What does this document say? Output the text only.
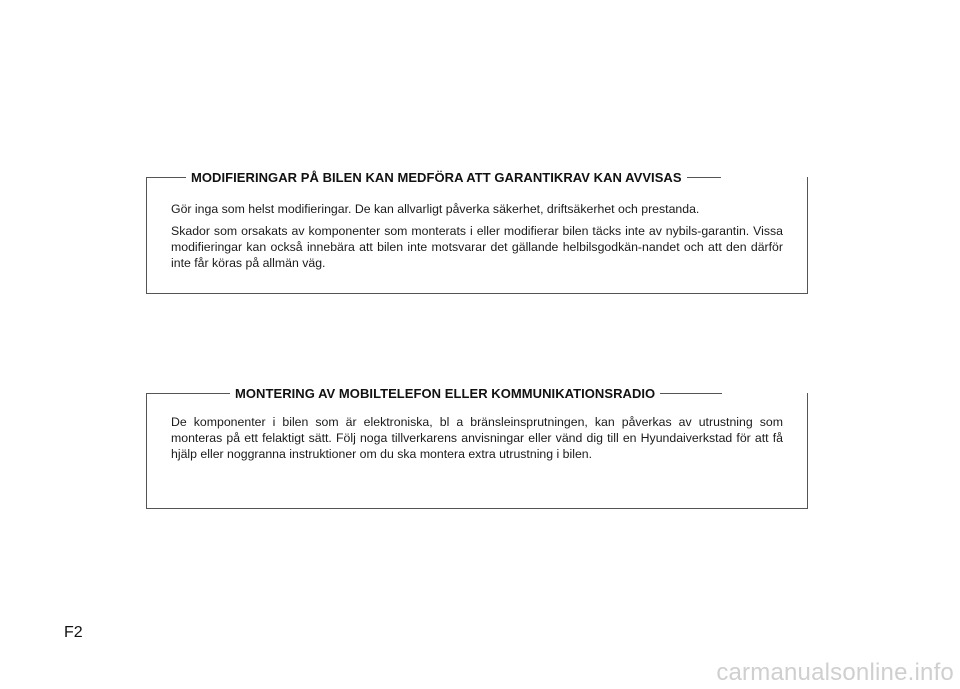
MODIFIERINGAR PÅ BILEN KAN MEDFÖRA ATT GARANTIKRAV KAN AVVISAS

Gör inga som helst modifieringar. De kan allvarligt påverka säkerhet, driftsäkerhet och prestanda.

Skador som orsakats av komponenter som monterats i eller modifierar bilen täcks inte av nybils-garantin. Vissa modifieringar kan också innebära att bilen inte motsvarar det gällande helbilsgodkän-nandet och att den därför inte får köras på allmän väg.

MONTERING AV MOBILTELEFON ELLER KOMMUNIKATIONSRADIO

De komponenter i bilen som är elektroniska, bl a bränsleinsprutningen, kan påverkas av utrustning som monteras på ett felaktigt sätt. Följ noga tillverkarens anvisningar eller vänd dig till en Hyundaiverkstad för att få hjälp eller noggranna instruktioner om du ska montera extra utrustning i bilen.

F2
carmanualsonline.info
